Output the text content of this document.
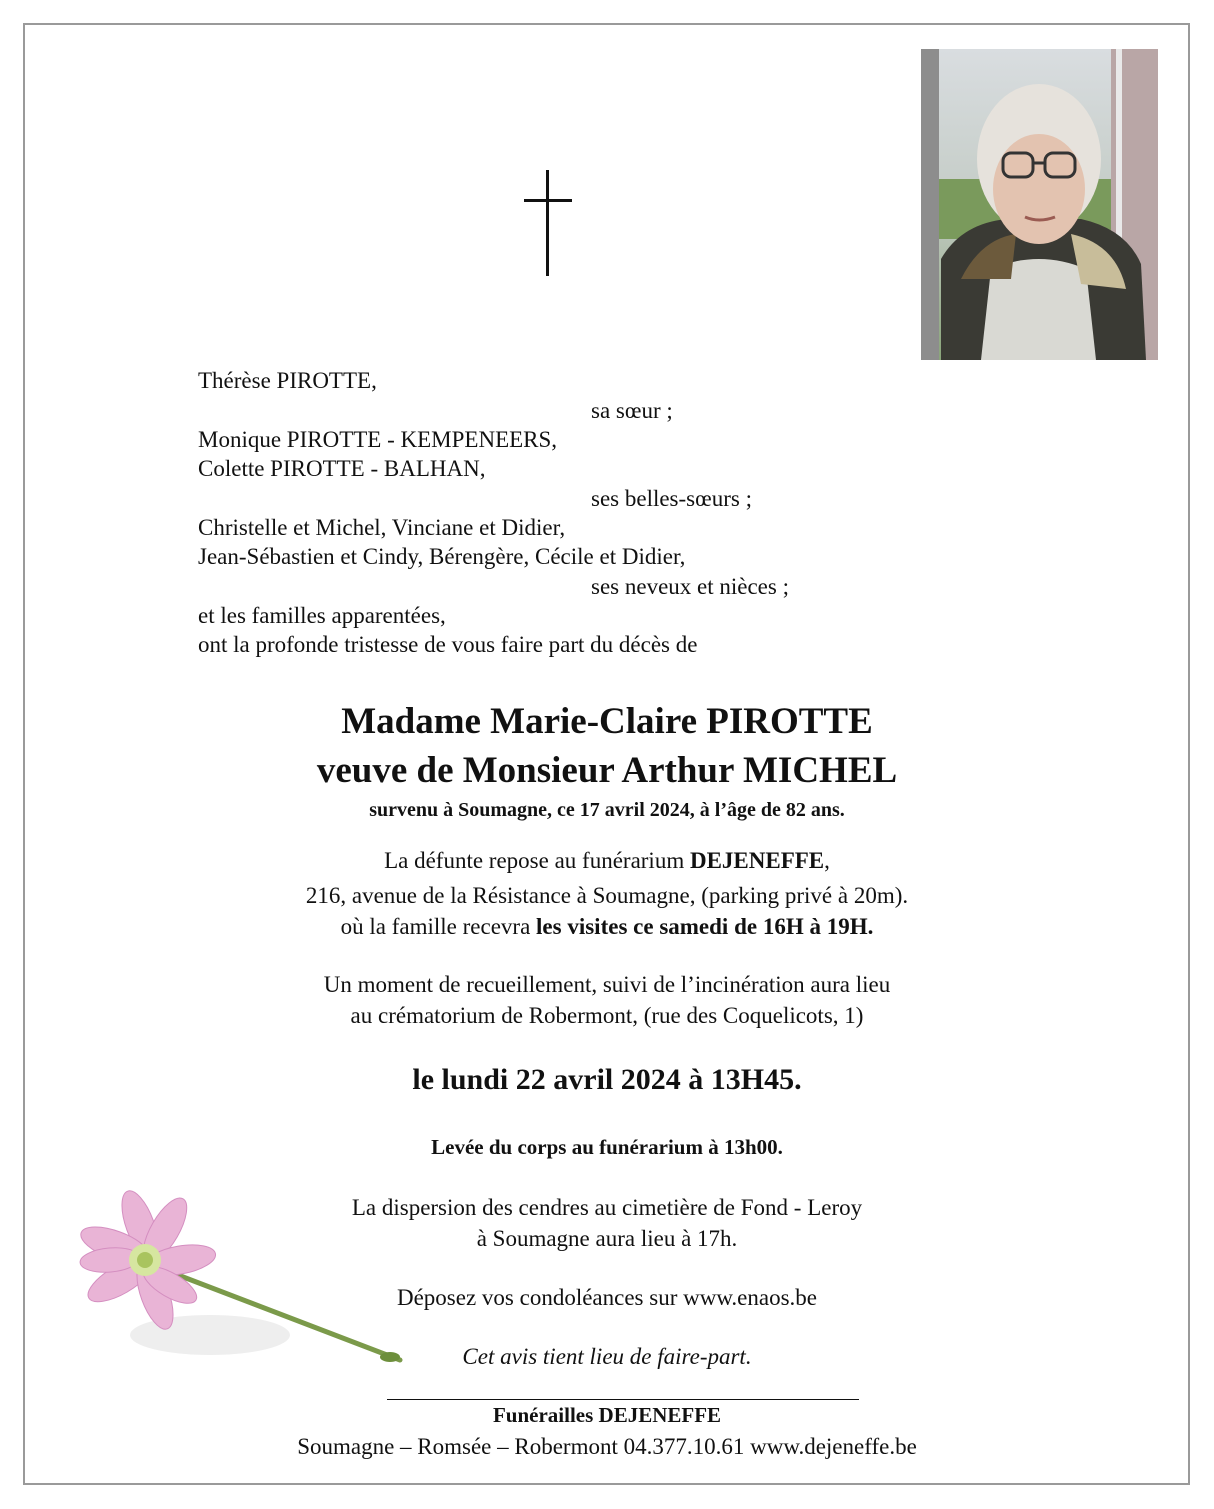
Thérèse PIROTTE,
sa sœur ;
Monique PIROTTE - KEMPENEERS,
Colette PIROTTE - BALHAN,
ses belles-sœurs ;
Christelle et Michel, Vinciane et Didier,
Jean-Sébastien et Cindy, Bérengère, Cécile et Didier,
ses neveux et nièces ;
et les familles apparentées,
ont la profonde tristesse de vous faire part du décès de
Madame Marie-Claire PIROTTE
veuve de Monsieur Arthur MICHEL
survenu à Soumagne, ce 17 avril 2024, à l’âge de 82 ans.
La défunte repose au funérarium DEJENEFFE,
216, avenue de la Résistance à Soumagne, (parking privé à 20m).
où la famille recevra les visites ce samedi de 16H à 19H.
Un moment de recueillement, suivi de l’incinération aura lieu
au crématorium de Robermont, (rue des Coquelicots, 1)
le lundi 22 avril 2024 à 13H45.
Levée du corps au funérarium à 13h00.
La dispersion des cendres au cimetière de Fond - Leroy
à Soumagne aura lieu à 17h.
Déposez vos condoléances sur www.enaos.be
Cet avis tient lieu de faire-part.
Funérailles DEJENEFFE
Soumagne – Romsée – Robermont 04.377.10.61 www.dejeneffe.be
